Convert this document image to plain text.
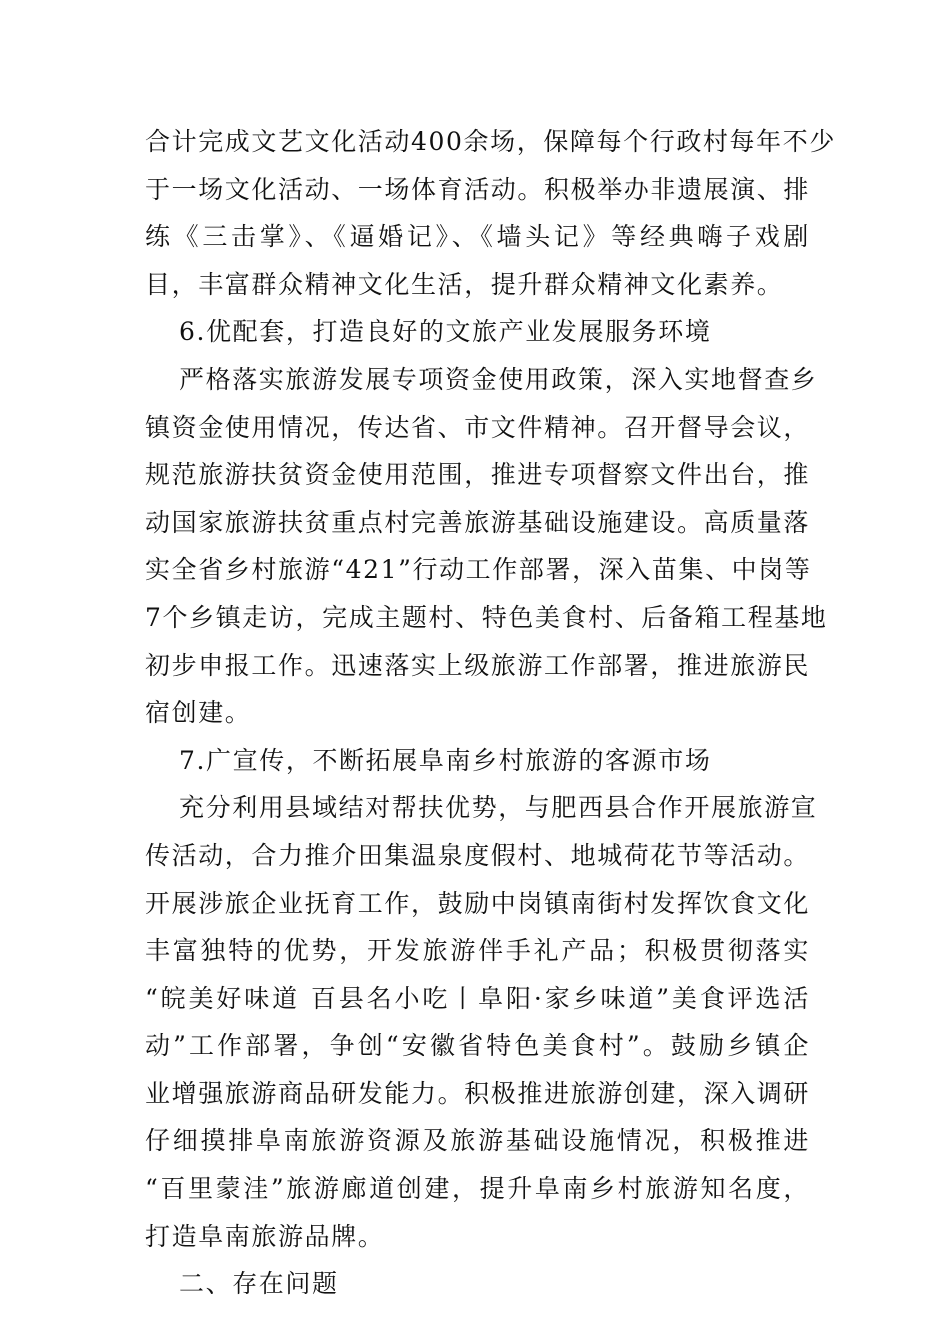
合计完成文艺文化活动400余场，保障每个行政村每年不少
于一场文化活动、一场体育活动。积极举办非遗展演、排
练《三击掌》、《逼婚记》、《墙头记》等经典嗨子戏剧
目，丰富群众精神文化生活，提升群众精神文化素养。
6.优配套，打造良好的文旅产业发展服务环境
严格落实旅游发展专项资金使用政策，深入实地督查乡
镇资金使用情况，传达省、市文件精神。召开督导会议，
规范旅游扶贫资金使用范围，推进专项督察文件出台，推
动国家旅游扶贫重点村完善旅游基础设施建设。高质量落
实全省乡村旅游“421”行动工作部署，深入苗集、中岗等
7个乡镇走访，完成主题村、特色美食村、后备箱工程基地
初步申报工作。迅速落实上级旅游工作部署，推进旅游民
宿创建。
7.广宣传，不断拓展阜南乡村旅游的客源市场
充分利用县域结对帮扶优势，与肥西县合作开展旅游宣
传活动，合力推介田集温泉度假村、地城荷花节等活动。
开展涉旅企业抚育工作，鼓励中岗镇南街村发挥饮食文化
丰富独特的优势，开发旅游伴手礼产品；积极贯彻落实
“皖美好味道 百县名小吃丨阜阳·家乡味道”美食评选活
动”工作部署，争创“安徽省特色美食村”。鼓励乡镇企
业增强旅游商品研发能力。积极推进旅游创建，深入调研
仔细摸排阜南旅游资源及旅游基础设施情况，积极推进
“百里蒙洼”旅游廊道创建，提升阜南乡村旅游知名度，
打造阜南旅游品牌。
二、存在问题
